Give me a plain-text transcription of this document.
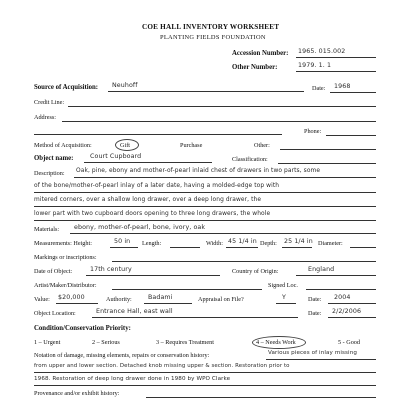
COE HALL INVENTORY WORKSHEET
PLANTING FIELDS FOUNDATION
Accession Number: 1965. 015.002
Other Number:	1979. 1. 1
Source of Acquisition: Neuhoff	Date: 1968
Credit Line:
Address:
Phone:
Method of Acquisition:	Gift	Purchase	Other:
Object name:	Court Cupboard	Classification:
Description: Oak, pine, ebony and mother-of-pearl inlaid chest of drawers in two parts, some
of the bone/mother-of-pearl inlay of a later date, having a molded-edge top with
mitered corners, over a shallow long drawer, over a deep long drawer, the
lower part with two cupboard doors opening to three long drawers, the whole
Materials: ebony, mother-of-pearl, bone, ivory, oak
Measurements: Height:	50 in Length:	Width: 45 1/4 in Depth: 25 1/4 in Diameter:
Markings or inscriptions:
Date of Object:	17th century	Country of Origin:	England
Artist/Maker/Distributor:	Signed Loc.
Value: $20,000	Authority:	Badami	Appraisal on File?	Y	Date: 2004
Object Location:	Entrance Hall, east wall	Date: 2/2/2006
Condition/Conservation Priority:
1 – Urgent	2 – Serious	3 – Requires Treatment	4 – Needs Work	5 - Good
Notation of damage, missing elements, repairs or conservation history:	Various pieces of inlay missing
from upper and lower section. Detached knob missing upper & section. Restoration prior to
1968. Restoration of deep long drawer done in 1980 by WPO Clarke
Provenance and/or exhibit history:
